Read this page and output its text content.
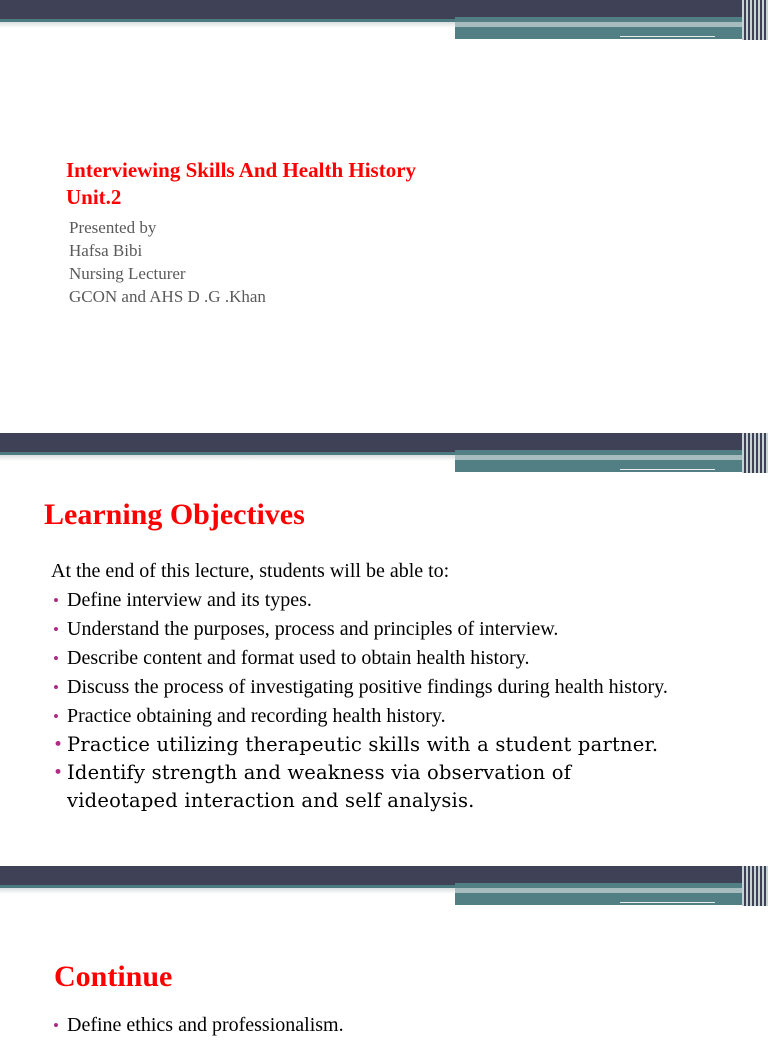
Interviewing Skills And Health History
Unit.2

Presented by
Hafsa Bibi
Nursing Lecturer
GCON and AHS D .G .Khan
Learning Objectives

At the end of this lecture, students will be able to:

• Define interview and its types.
• Understand the purposes, process and principles of interview.
• Describe content and format used to obtain health history.
• Discuss the process of investigating positive findings during health history.
• Practice obtaining and recording health history.
• Practice utilizing therapeutic skills with a student partner.
• Identify strength and weakness via observation of videotaped interaction and self analysis.
Continue
• Define ethics and professionalism.
